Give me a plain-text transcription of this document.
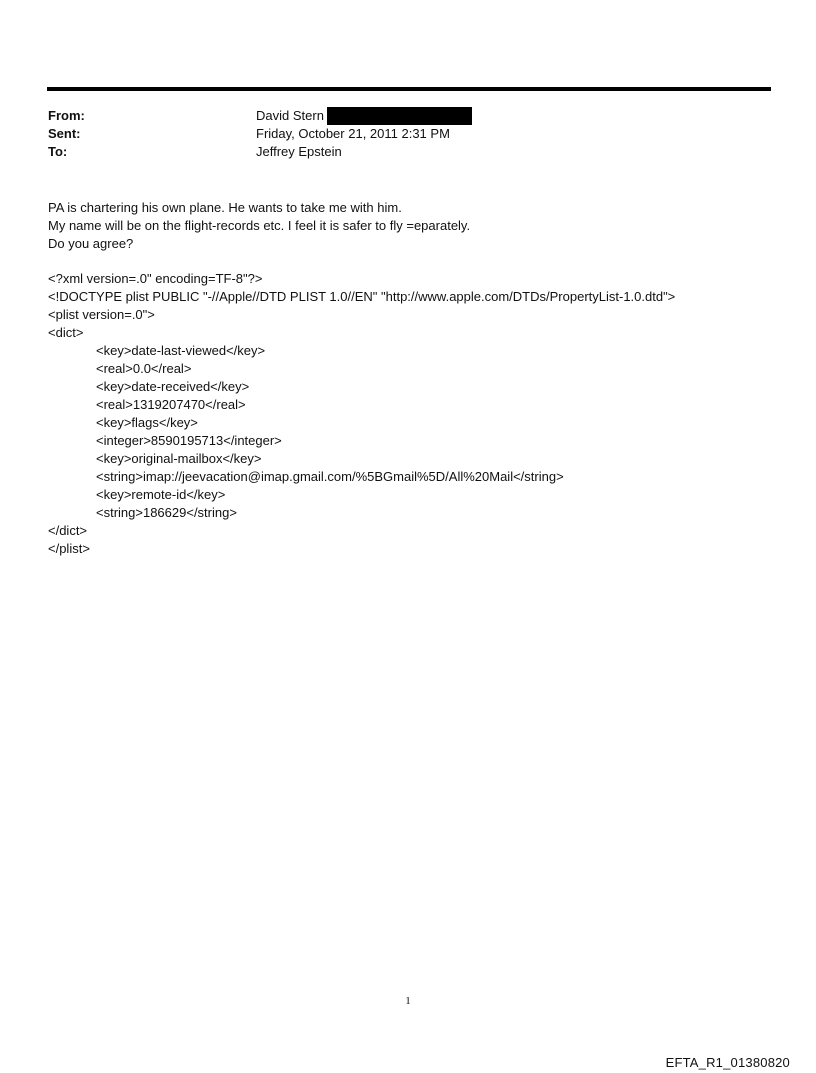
From:	David Stern
Sent:	Friday, October 21, 2011 2:31 PM
To:	Jeffrey Epstein
PA is chartering his own plane. He wants to take me with him.
My name will be on the flight-records etc. I feel it is safer to fly =eparately.
Do you agree?
<?xml version=.0" encoding=TF-8"?>
<!DOCTYPE plist PUBLIC "-//Apple//DTD PLIST 1.0//EN" "http://www.apple.com/DTDs/PropertyList-1.0.dtd">
<plist version=.0">
<dict>
<key>date-last-viewed</key>
<real>0.0</real>
<key>date-received</key>
<real>1319207470</real>
<key>flags</key>
<integer>8590195713</integer>
<key>original-mailbox</key>
<string>imap://jeevacation@imap.gmail.com/%5BGmail%5D/All%20Mail</string>
<key>remote-id</key>
<string>186629</string>
</dict>
</plist>
1
EFTA_R1_01380820
